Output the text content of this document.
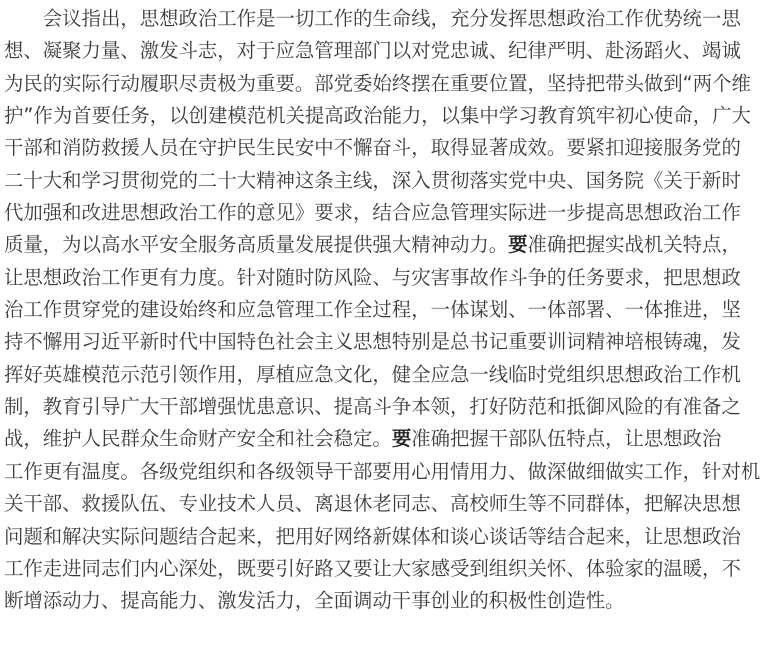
　　会议指出，思想政治工作是一切工作的生命线，充分发挥思想政治工作优势统一思
想、凝聚力量、激发斗志，对于应急管理部门以对党忠诚、纪律严明、赴汤蹈火、竭诚
为民的实际行动履职尽责极为重要。部党委始终摆在重要位置，坚持把带头做到“两个维
护”作为首要任务，以创建模范机关提高政治能力，以集中学习教育筑牢初心使命，广大
干部和消防救援人员在守护民生民安中不懈奋斗，取得显著成效。要紧扣迎接服务党的
二十大和学习贯彻党的二十大精神这条主线，深入贯彻落实党中央、国务院《关于新时
代加强和改进思想政治工作的意见》要求，结合应急管理实际进一步提高思想政治工作
质量，为以高水平安全服务高质量发展提供强大精神动力。要准确把握实战机关特点，
让思想政治工作更有力度。针对随时防风险、与灾害事故作斗争的任务要求，把思想政
治工作贯穿党的建设始终和应急管理工作全过程，一体谋划、一体部署、一体推进，坚
持不懈用习近平新时代中国特色社会主义思想特别是总书记重要训词精神培根铸魂，发
挥好英雄模范示范引领作用，厚植应急文化，健全应急一线临时党组织思想政治工作机
制，教育引导广大干部增强忧患意识、提高斗争本领，打好防范和抵御风险的有准备之
战，维护人民群众生命财产安全和社会稳定。要准确把握干部队伍特点，让思想政治
工作更有温度。各级党组织和各级领导干部要用心用情用力、做深做细做实工作，针对机
关干部、救援队伍、专业技术人员、离退休老同志、高校师生等不同群体，把解决思想
问题和解决实际问题结合起来，把用好网络新媒体和谈心谈话等结合起来，让思想政治
工作走进同志们内心深处，既要引好路又要让大家感受到组织关怀、体验家的温暖，不
断增添动力、提高能力、激发活力，全面调动干事创业的积极性创造性。
